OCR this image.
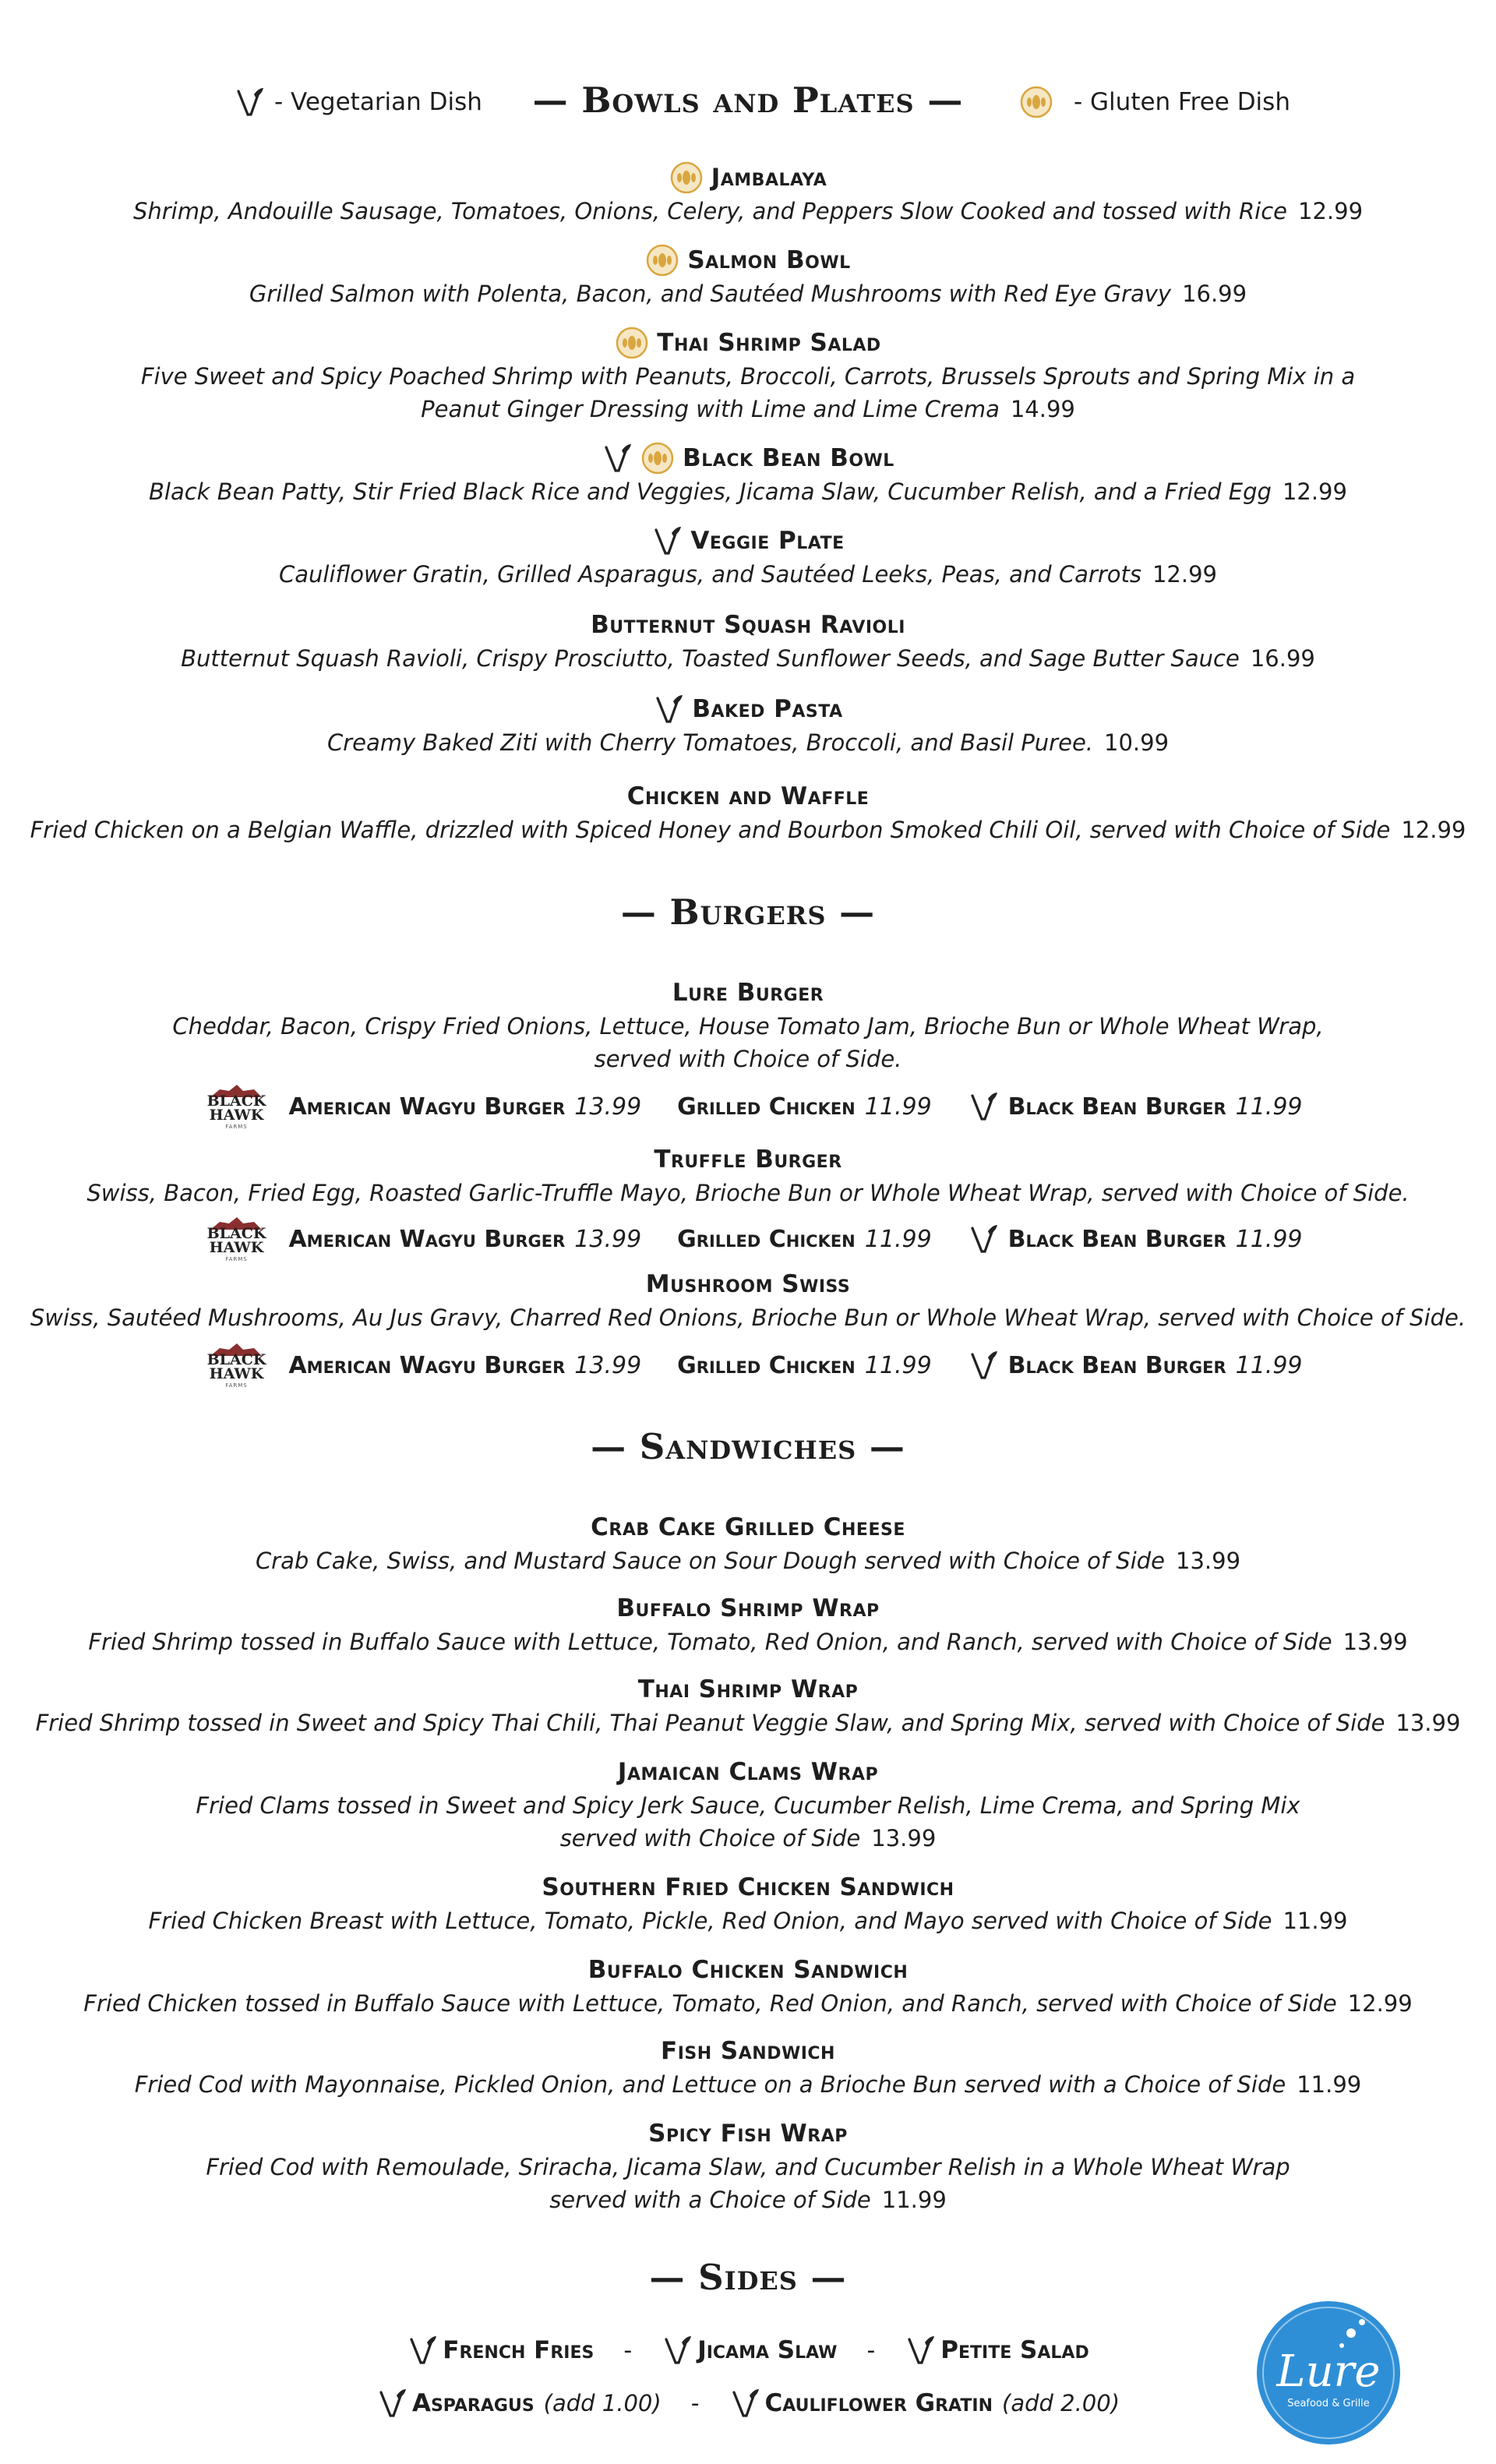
- Vegetarian Dish	— Bowls and Plates —	- Gluten Free Dish
Jambalaya
Shrimp, Andouille Sausage, Tomatoes, Onions, Celery, and Peppers Slow Cooked and tossed with Rice 12.99
Salmon Bowl
Grilled Salmon with Polenta, Bacon, and Sautéed Mushrooms with Red Eye Gravy 16.99
Thai Shrimp Salad
Five Sweet and Spicy Poached Shrimp with Peanuts, Broccoli, Carrots, Brussels Sprouts and Spring Mix in a
Peanut Ginger Dressing with Lime and Lime Crema 14.99
Black Bean Bowl
Black Bean Patty, Stir Fried Black Rice and Veggies, Jicama Slaw, Cucumber Relish, and a Fried Egg 12.99
Veggie Plate
Cauliflower Gratin, Grilled Asparagus, and Sautéed Leeks, Peas, and Carrots 12.99
Butternut Squash Ravioli
Butternut Squash Ravioli, Crispy Prosciutto, Toasted Sunflower Seeds, and Sage Butter Sauce 16.99
Baked Pasta
Creamy Baked Ziti with Cherry Tomatoes, Broccoli, and Basil Puree. 10.99
Chicken and Waffle
Fried Chicken on a Belgian Waffle, drizzled with Spiced Honey and Bourbon Smoked Chili Oil, served with Choice of Side 12.99
— Burgers —
Lure Burger
Cheddar, Bacon, Crispy Fried Onions, Lettuce, House Tomato Jam, Brioche Bun or Whole Wheat Wrap,
served with Choice of Side.
BLACK
HAWK
FARMS
American Wagyu Burger 13.99 Grilled Chicken 11.99	Black Bean Burger 11.99
Truffle Burger
Swiss, Bacon, Fried Egg, Roasted Garlic-Truffle Mayo, Brioche Bun or Whole Wheat Wrap, served with Choice of Side.
BLACK
HAWK
FARMS
American Wagyu Burger 13.99 Grilled Chicken 11.99	Black Bean Burger 11.99
Mushroom Swiss
Swiss, Sautéed Mushrooms, Au Jus Gravy, Charred Red Onions, Brioche Bun or Whole Wheat Wrap, served with Choice of Side.
BLACK
HAWK
FARMS
American Wagyu Burger 13.99 Grilled Chicken 11.99	Black Bean Burger 11.99
— Sandwiches —
Crab Cake Grilled Cheese
Crab Cake, Swiss, and Mustard Sauce on Sour Dough served with Choice of Side 13.99
Buffalo Shrimp Wrap
Fried Shrimp tossed in Buffalo Sauce with Lettuce, Tomato, Red Onion, and Ranch, served with Choice of Side 13.99
Thai Shrimp Wrap
Fried Shrimp tossed in Sweet and Spicy Thai Chili, Thai Peanut Veggie Slaw, and Spring Mix, served with Choice of Side 13.99
Jamaican Clams Wrap
Fried Clams tossed in Sweet and Spicy Jerk Sauce, Cucumber Relish, Lime Crema, and Spring Mix
served with Choice of Side 13.99
Southern Fried Chicken Sandwich
Fried Chicken Breast with Lettuce, Tomato, Pickle, Red Onion, and Mayo served with Choice of Side 11.99
Buffalo Chicken Sandwich
Fried Chicken tossed in Buffalo Sauce with Lettuce, Tomato, Red Onion, and Ranch, served with Choice of Side 12.99
Fish Sandwich
Fried Cod with Mayonnaise, Pickled Onion, and Lettuce on a Brioche Bun served with a Choice of Side 11.99
Spicy Fish Wrap
Fried Cod with Remoulade, Sriracha, Jicama Slaw, and Cucumber Relish in a Whole Wheat Wrap
served with a Choice of Side 11.99
— Sides —
French Fries -	Jicama Slaw -	Petite Salad
Asparagus (add 1.00) -	Cauliflower Gratin (add 2.00)
Lure
Seafood & Grille
